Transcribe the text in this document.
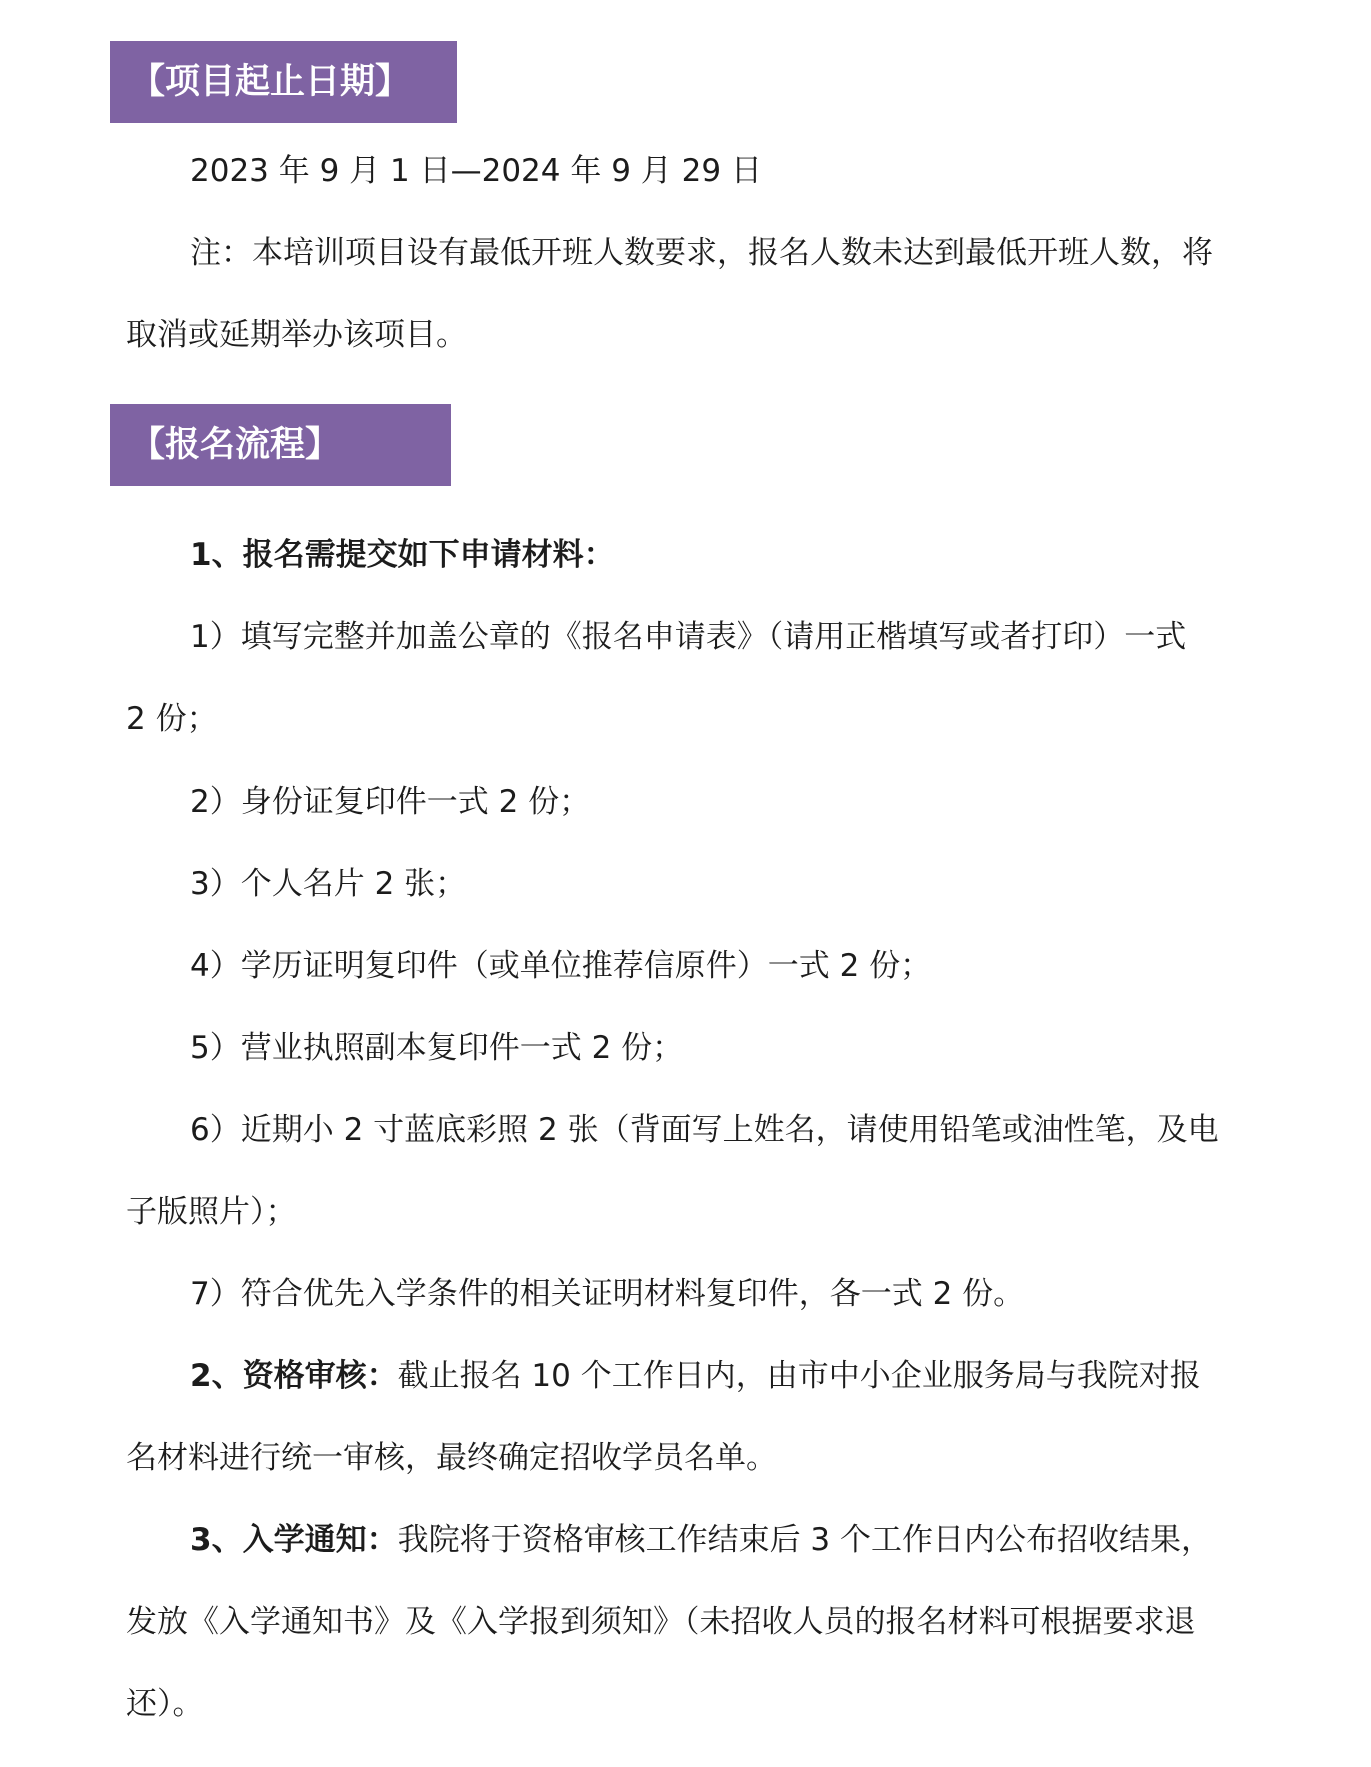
【项目起止日期】
2023 年 9 月 1 日—2024 年 9 月 29 日
注：本培训项目设有最低开班人数要求，报名人数未达到最低开班人数，将
取消或延期举办该项目。
【报名流程】
1、报名需提交如下申请材料：
1）填写完整并加盖公章的《报名申请表》（请用正楷填写或者打印）一式
2 份；
2）身份证复印件一式 2 份；
3）个人名片 2 张；
4）学历证明复印件（或单位推荐信原件）一式 2 份；
5）营业执照副本复印件一式 2 份；
6）近期小 2 寸蓝底彩照 2 张（背面写上姓名，请使用铅笔或油性笔，及电
子版照片）；
7）符合优先入学条件的相关证明材料复印件，各一式 2 份。
2、资格审核：截止报名 10 个工作日内，由市中小企业服务局与我院对报
名材料进行统一审核，最终确定招收学员名单。
3、入学通知：我院将于资格审核工作结束后 3 个工作日内公布招收结果，
发放《入学通知书》及《入学报到须知》（未招收人员的报名材料可根据要求退
还）。
